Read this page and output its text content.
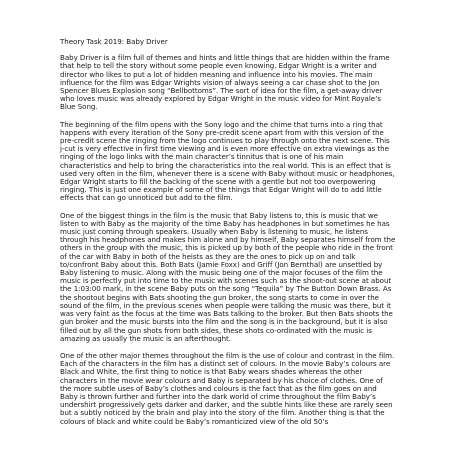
Theory Task 2019: Baby Driver

Baby Driver is a film full of themes and hints and little things that are hidden within the frame that help to tell the story without some people even knowing. Edgar Wright is a writer and director who likes to put a lot of hidden meaning and influence into his movies. The main influence for the film was Edgar Wrights vision of always seeing a car chase shot to the Jon Spencer Blues Explosion song “Bellbottoms”. The sort of idea for the film, a get-away driver who loves music was already explored by Edgar Wright in the music video for Mint Royale’s Blue Song.

The beginning of the film opens with the Sony logo and the chime that turns into a ring that happens with every iteration of the Sony pre-credit scene apart from with this version of the pre-credit scene the ringing from the logo continues to play through onto the next scene. This j-cut is very effective in first time viewing and is even more effective on extra viewings as the ringing of the logo links with the main character’s tinnitus that is one of his main characteristics and help to bring the characteristics into the real world. This is an effect that is used very often in the film, whenever there is a scene with Baby without music or headphones, Edgar Wright starts to fill the backing of the scene with a gentle but not too overpowering ringing. This is just one example of some of the things that Edgar Wright will do to add little effects that can go unnoticed but add to the film.

One of the biggest things in the film is the music that Baby listens to, this is music that we listen to with Baby as the majority of the time Baby has headphones in but sometimes he has music just coming through speakers. Usually when Baby is listening to music, he listens through his headphones and makes him alone and by himself, Baby separates himself from the others in the group with the music, this is picked up by both of the people who ride in the front of the car with Baby in both of the heists as they are the ones to pick up on and talk to/confront Baby about this. Both Bats (Jamie Foxx) and Griff (Jon Bernthal) are unsettled by Baby listening to music. Along with the music being one of the major focuses of the film the music is perfectly put into time to the music with scenes such as the shoot-out scene at about the 1:03:00 mark, in the scene Baby puts on the song “Tequila” by The Button Down Brass. As the shootout begins with Bats shooting the gun broker, the song starts to come in over the sound of the film, in the previous scenes when people were talking the music was there, but it was very faint as the focus at the time was Bats talking to the broker. But then Bats shoots the gun broker and the music bursts into the film and the song is in the background, but it is also filled out by all the gun shots from both sides, these shots co-ordinated with the music is amazing as usually the music is an afterthought.

One of the other major themes throughout the film is the use of colour and contrast in the film. Each of the characters in the film has a distinct set of colours. In the movie Baby’s colours are Black and White, the first thing to notice is that Baby wears shades whereas the other characters in the movie wear colours and Baby is separated by his choice of clothes. One of the more subtle uses of Baby’s clothes and colours is the fact that as the film goes on and Baby is thrown further and further into the dark world of crime throughout the film Baby’s undershirt progressively gets darker and darker, and the subtle hints like these are rarely seen but a subtly noticed by the brain and play into the story of the film. Another thing is that the colours of black and white could be Baby’s romanticized view of the old 50’s
